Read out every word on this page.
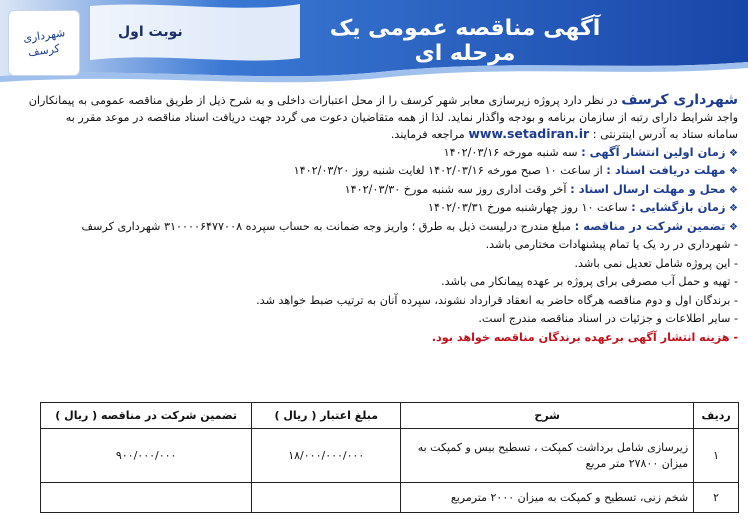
شهرداری
کرسف
نوبت اول	آگهی مناقصه عمومی یک مرحله ای
شهرداری کرسف در نظر دارد پروژه زیرسازی معابر شهر کرسف را از محل اعتبارات داخلی و به شرح ذیل از طریق مناقصه عمومی به پیمانکاران
واجد شرایط دارای رتبه از سازمان برنامه و بودجه واگذار نماید. لذا از همه متقاضیان دعوت می گردد جهت دریافت اسناد مناقصه در موعد مقرر به
سامانه ستاد به آدرس اینترنتی : www.setadiran.ir مراجعه فرمایند.
❖ زمان اولین انتشار آگهی : سه شنبه مورخه ۱۴۰۲/۰۳/۱۶
❖ مهلت دریافت اسناد : از ساعت ۱۰ صبح مورخه ۱۴۰۲/۰۳/۱۶ لغایت شنبه روز ۱۴۰۲/۰۳/۲۰
❖ محل و مهلت ارسال اسناد : آخر وقت اداری روز سه شنبه مورخ ۱۴۰۲/۰۳/۳۰
❖ زمان بازگشایی : ساعت ۱۰ روز چهارشنبه مورخ ۱۴۰۲/۰۳/۳۱
❖ تضمین شرکت در مناقصه : مبلغ مندرج درلیست ذیل به طرق ؛ واریز وجه ضمانت به حساب سپرده ۳۱۰۰۰۰۶۴۷۷۰۰۸ شهرداری کرسف
- شهرداری در رد یک یا تمام پیشنهادات مختارمی باشد.
- این پروژه شامل تعدیل نمی باشد.
- تهیه و حمل آب مصرفی برای پروژه بر عهده پیمانکار می باشد.
- برندگان اول و دوم مناقصه هرگاه حاضر به انعقاد قرارداد نشوند، سپرده آنان به ترتیب ضبط خواهد شد.
- سایر اطلاعات و جزئیات در اسناد مناقصه مندرج است.
- هزینه انتشار آگهی برعهده برندگان مناقصه خواهد بود.
ردیف	شرح	مبلغ اعتبار ( ریال )	تضمین شرکت در مناقصه ( ریال )
۱	زیرسازی شامل برداشت کمپکت ، تسطیح بیس و کمپکت به میزان ۲۷۸۰۰ متر مربع	۱۸/۰۰۰/۰۰۰/۰۰۰	۹۰۰/۰۰۰/۰۰۰
۲	شخم زنی، تسطیح و کمپکت به میزان ۲۰۰۰ مترمربع		
